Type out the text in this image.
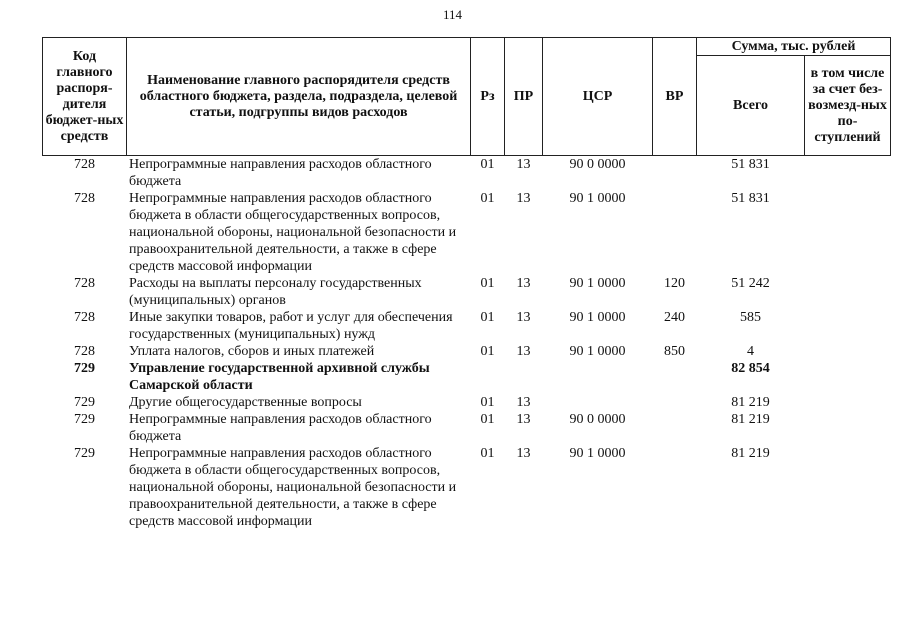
114
Код главного распоря-дителя бюджет-ных средств	Наименование главного распорядителя средств областного бюджета, раздела, подраздела, целевой статьи, подгруппы видов расходов	Рз	ПР	ЦСР	ВР	Сумма, тыс. рублей	
						Всего	в том числе за счет без-возмезд-ных по-ступлений
728	Непрограммные направления расходов областного бюджета	01	13	90 0 0000		51 831	
728	Непрограммные направления расходов областного бюджета в области общегосударственных вопросов, национальной обороны, национальной безопасности и правоохранительной деятельности, а также в сфере средств массовой информации	01	13	90 1 0000		51 831	
728	Расходы на выплаты персоналу государственных (муниципальных) органов	01	13	90 1 0000	120	51 242	
728	Иные закупки товаров, работ и услуг для обеспечения государственных (муниципальных) нужд	01	13	90 1 0000	240	585	
728	Уплата налогов, сборов и иных платежей	01	13	90 1 0000	850	4	
729	Управление государственной архивной службы Самарской области					82 854	
729	Другие общегосударственные вопросы	01	13			81 219	
729	Непрограммные направления расходов областного бюджета	01	13	90 0 0000		81 219	
729	Непрограммные направления расходов областного бюджета в области общегосударственных вопросов, национальной обороны, национальной безопасности и правоохранительной деятельности, а также в сфере средств массовой информации	01	13	90 1 0000		81 219	
